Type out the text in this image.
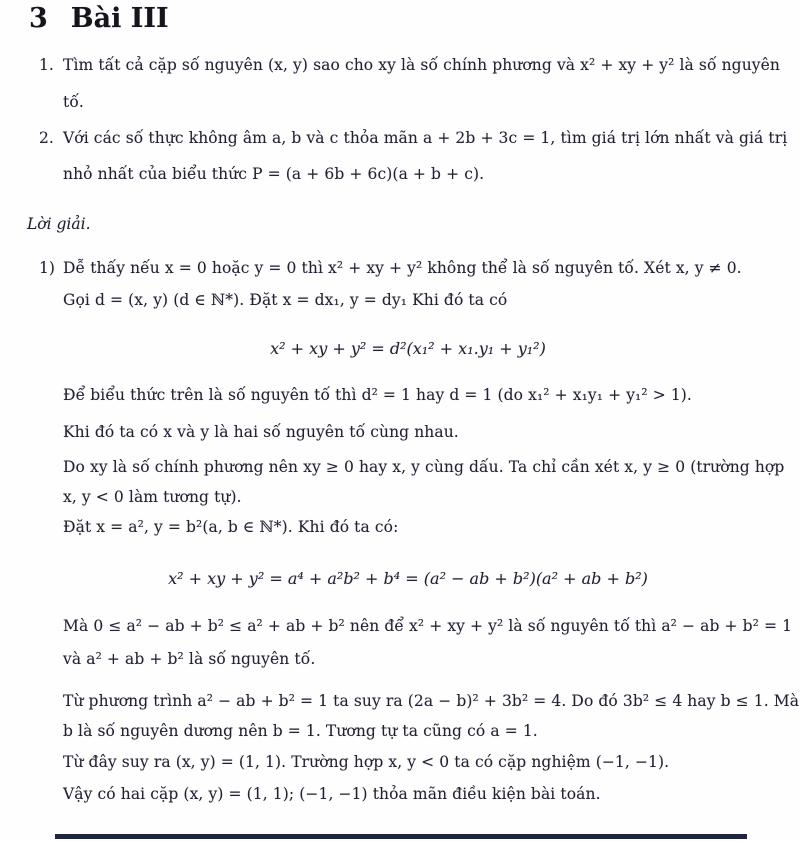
3 Bài III
1. Tìm tất cả cặp số nguyên (x, y) sao cho xy là số chính phương và x² + xy + y² là số nguyên
tố.
2. Với các số thực không âm a, b và c thỏa mãn a + 2b + 3c = 1, tìm giá trị lớn nhất và giá trị
nhỏ nhất của biểu thức P = (a + 6b + 6c)(a + b + c).
Lời giải.
1) Dễ thấy nếu x = 0 hoặc y = 0 thì x² + xy + y² không thể là số nguyên tố. Xét x, y ≠ 0.
Gọi d = (x, y) (d ∈ ℕ*). Đặt x = dx₁, y = dy₁ Khi đó ta có
x² + xy + y² = d²(x₁² + x₁.y₁ + y₁²)
Để biểu thức trên là số nguyên tố thì d² = 1 hay d = 1 (do x₁² + x₁y₁ + y₁² > 1).
Khi đó ta có x và y là hai số nguyên tố cùng nhau.
Do xy là số chính phương nên xy ≥ 0 hay x, y cùng dấu. Ta chỉ cần xét x, y ≥ 0 (trường hợp
x, y < 0 làm tương tự).
Đặt x = a², y = b²(a, b ∈ ℕ*). Khi đó ta có:
x² + xy + y² = a⁴ + a²b² + b⁴ = (a² − ab + b²)(a² + ab + b²)
Mà 0 ≤ a² − ab + b² ≤ a² + ab + b² nên để x² + xy + y² là số nguyên tố thì a² − ab + b² = 1
và a² + ab + b² là số nguyên tố.
Từ phương trình a² − ab + b² = 1 ta suy ra (2a − b)² + 3b² = 4. Do đó 3b² ≤ 4 hay b ≤ 1. Mà
b là số nguyên dương nên b = 1. Tương tự ta cũng có a = 1.
Từ đây suy ra (x, y) = (1, 1). Trường hợp x, y < 0 ta có cặp nghiệm (−1, −1).
Vậy có hai cặp (x, y) = (1, 1); (−1, −1) thỏa mãn điều kiện bài toán.
